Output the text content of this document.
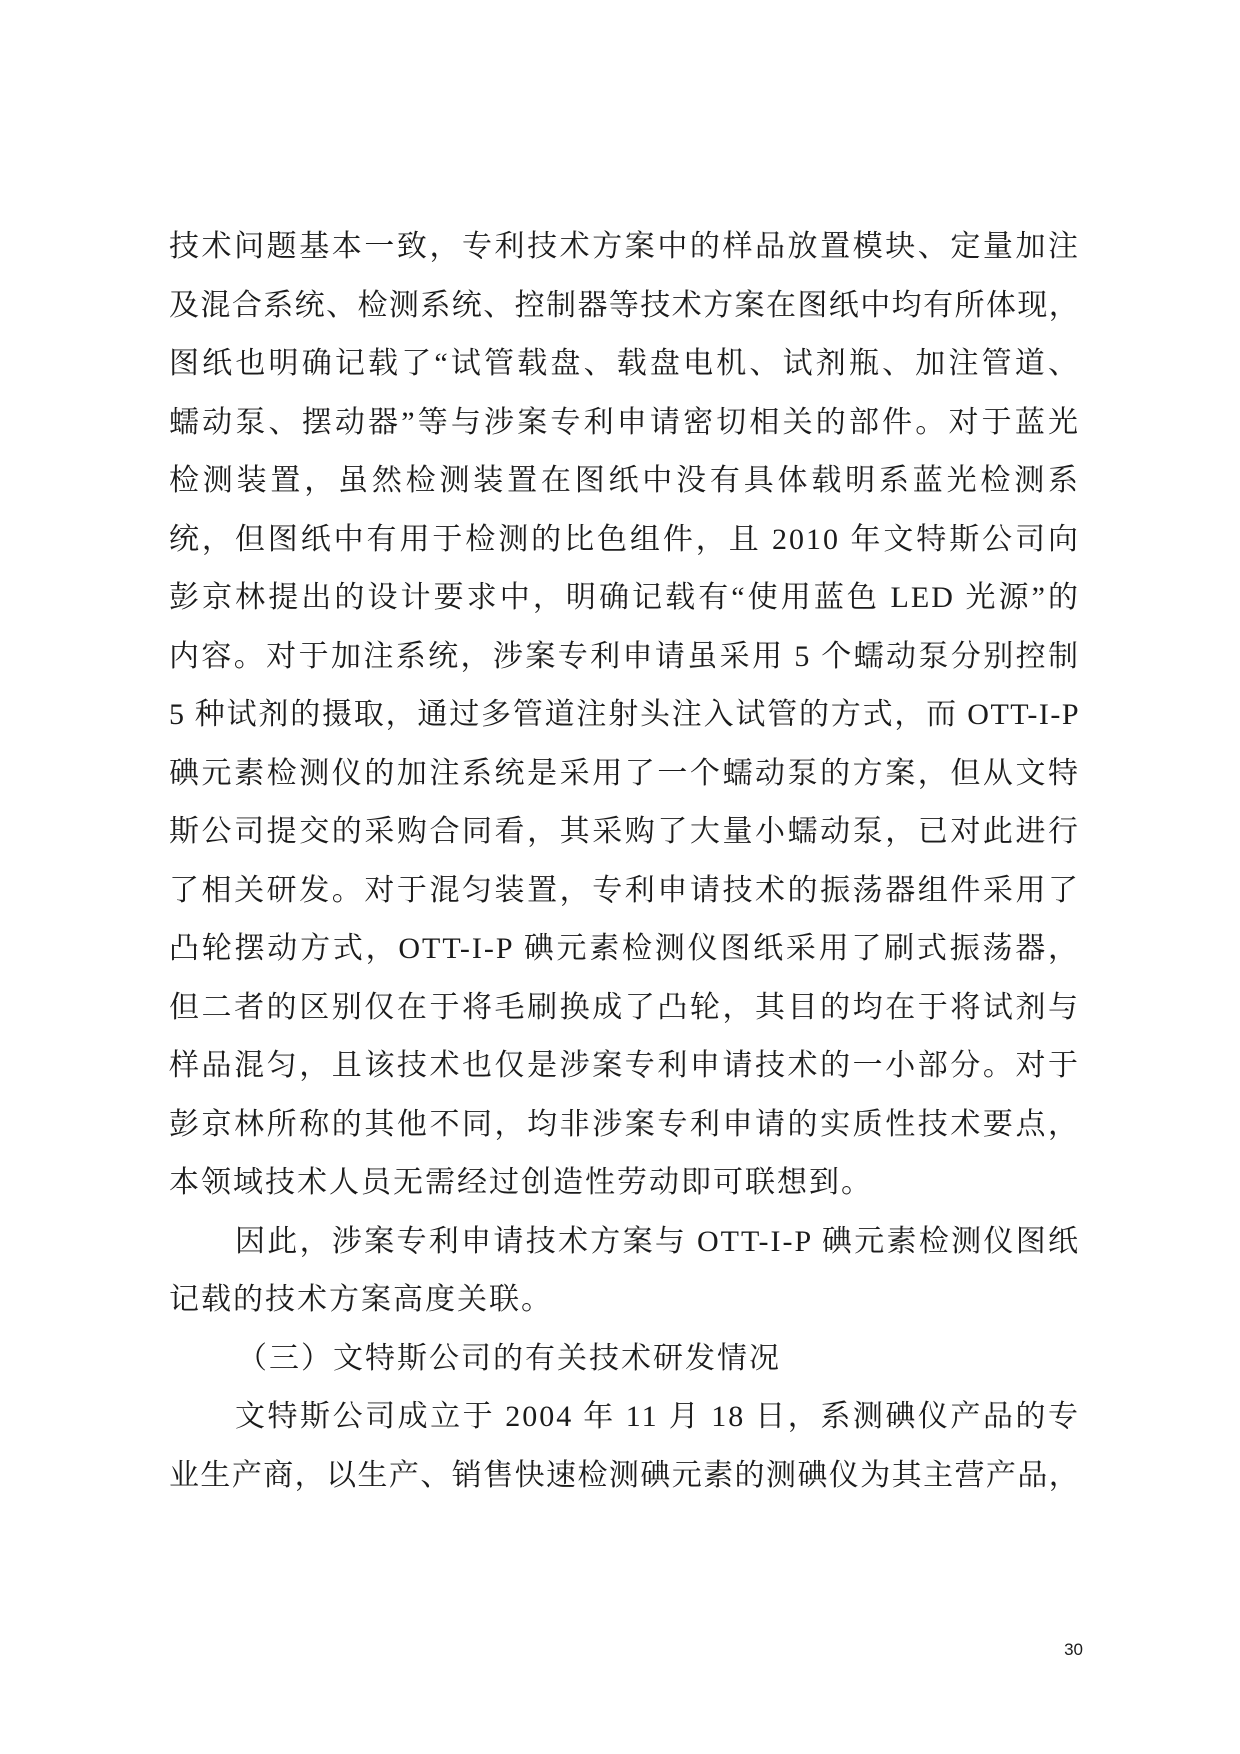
技术问题基本一致，专利技术方案中的样品放置模块、定量加注
及混合系统、检测系统、控制器等技术方案在图纸中均有所体现，
图纸也明确记载了“试管载盘、载盘电机、试剂瓶、加注管道、
蠕动泵、摆动器”等与涉案专利申请密切相关的部件。对于蓝光
检测装置，虽然检测装置在图纸中没有具体载明系蓝光检测系
统，但图纸中有用于检测的比色组件，且 2010 年文特斯公司向
彭京林提出的设计要求中，明确记载有“使用蓝色 LED 光源”的
内容。对于加注系统，涉案专利申请虽采用 5 个蠕动泵分别控制
5 种试剂的摄取，通过多管道注射头注入试管的方式，而 OTT-I-P
碘元素检测仪的加注系统是采用了一个蠕动泵的方案，但从文特
斯公司提交的采购合同看，其采购了大量小蠕动泵，已对此进行
了相关研发。对于混匀装置，专利申请技术的振荡器组件采用了
凸轮摆动方式，OTT-I-P 碘元素检测仪图纸采用了刷式振荡器，
但二者的区别仅在于将毛刷换成了凸轮，其目的均在于将试剂与
样品混匀，且该技术也仅是涉案专利申请技术的一小部分。对于
彭京林所称的其他不同，均非涉案专利申请的实质性技术要点，
本领域技术人员无需经过创造性劳动即可联想到。
因此，涉案专利申请技术方案与 OTT-I-P 碘元素检测仪图纸
记载的技术方案高度关联。
（三）文特斯公司的有关技术研发情况
文特斯公司成立于 2004 年 11 月 18 日，系测碘仪产品的专
业生产商，以生产、销售快速检测碘元素的测碘仪为其主营产品，
30
